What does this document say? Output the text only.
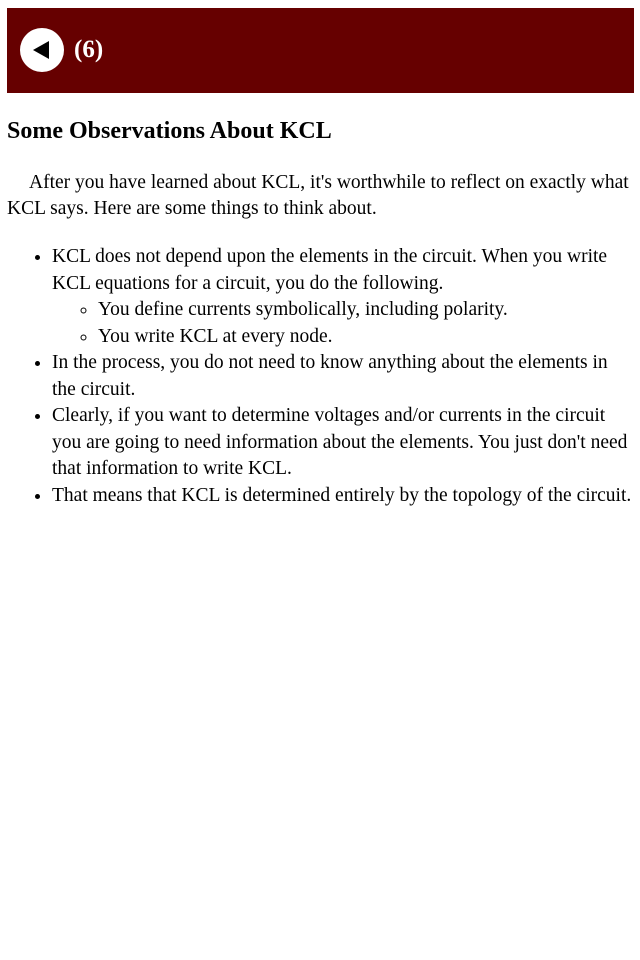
(6)
Some Observations About KCL

After you have learned about KCL, it's worthwhile to reflect on exactly what KCL says. Here are some things to think about.

• KCL does not depend upon the elements in the circuit. When you write KCL equations for a circuit, you do the following.
◦ You define currents symbolically, including polarity.
◦ You write KCL at every node.
• In the process, you do not need to know anything about the elements in the circuit.
• Clearly, if you want to determine voltages and/or currents in the circuit you are going to need information about the elements. You just don't need that information to write KCL.
• That means that KCL is determined entirely by the topology of the circuit.
